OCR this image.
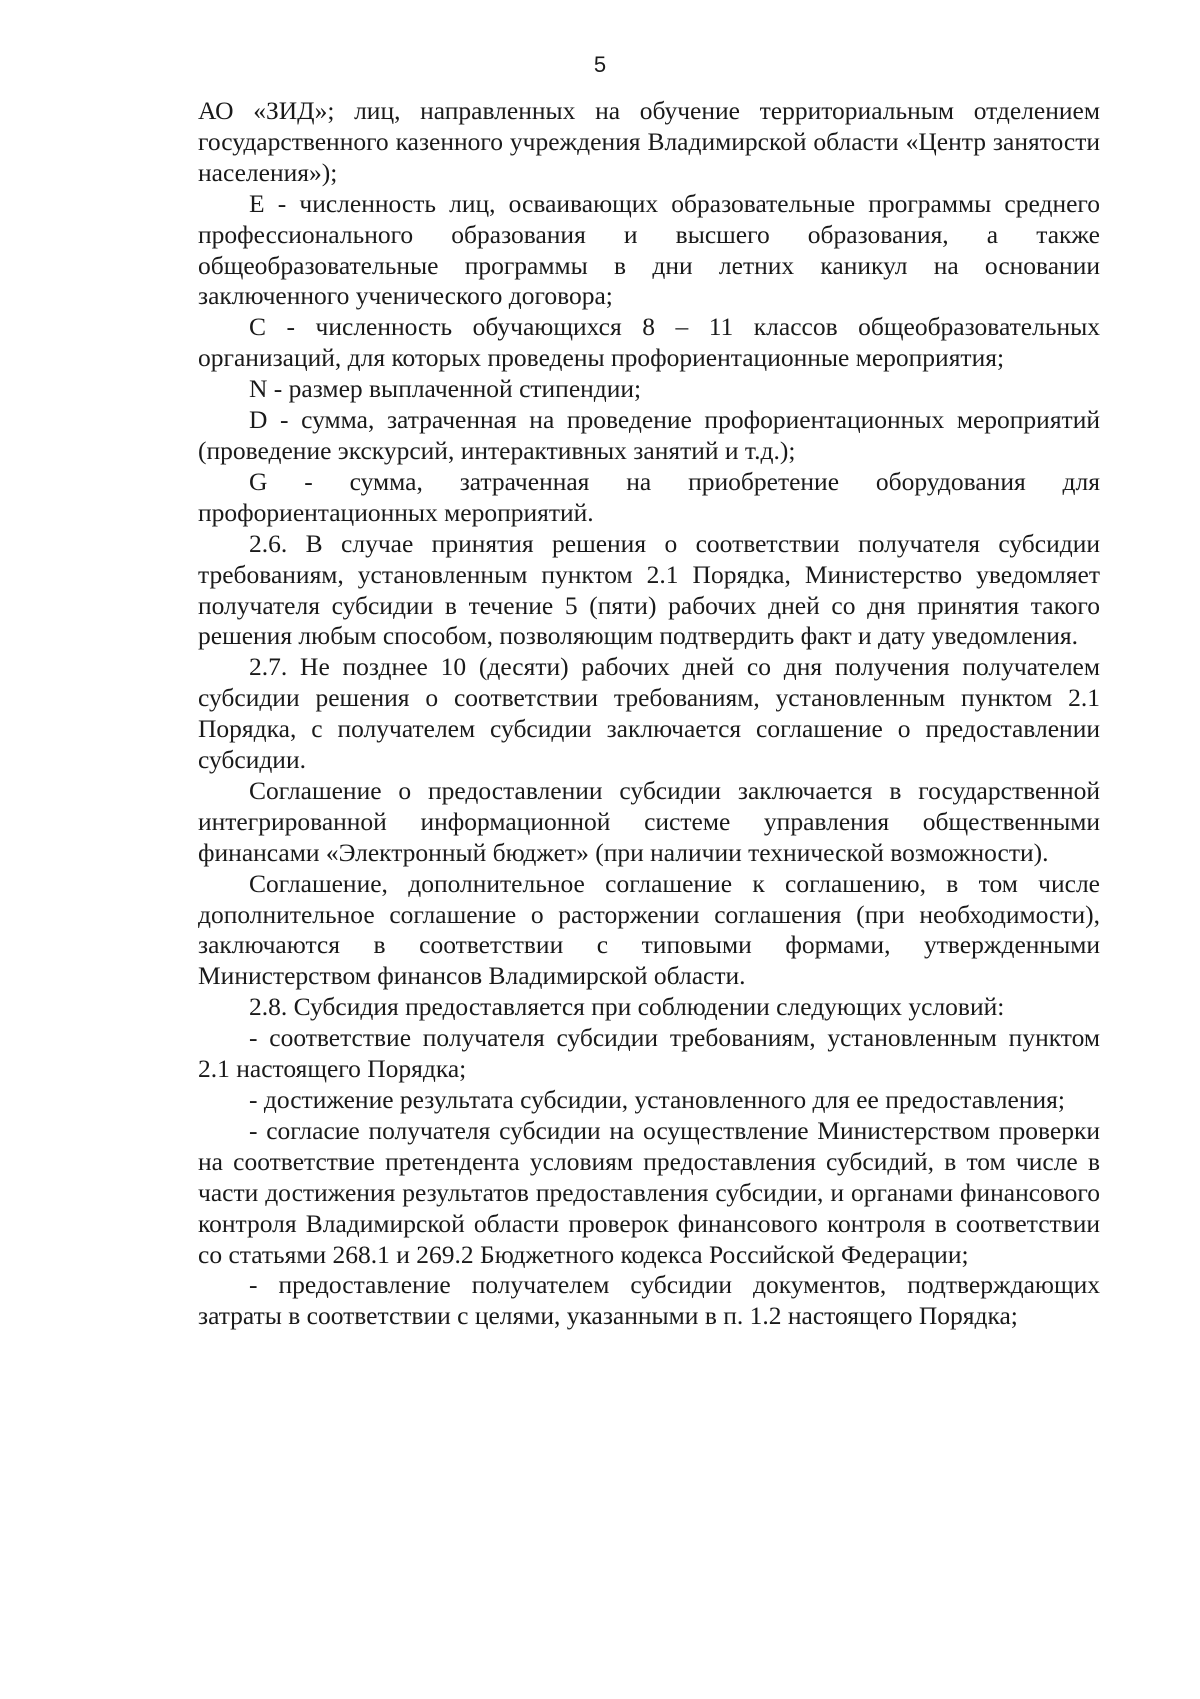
5

АО «ЗИД»; лиц, направленных на обучение территориальным отделением государственного казенного учреждения Владимирской области «Центр занятости населения»);

Е - численность лиц, осваивающих образовательные программы среднего профессионального образования и высшего образования, а также общеобразовательные программы в дни летних каникул на основании заключенного ученического договора;

С - численность обучающихся 8 – 11 классов общеобразовательных организаций, для которых проведены профориентационные мероприятия;

N - размер выплаченной стипендии;

D - сумма, затраченная на проведение профориентационных мероприятий (проведение экскурсий, интерактивных занятий и т.д.);

G - сумма, затраченная на приобретение оборудования для профориентационных мероприятий.

2.6. В случае принятия решения о соответствии получателя субсидии требованиям, установленным пунктом 2.1 Порядка, Министерство уведомляет получателя субсидии в течение 5 (пяти) рабочих дней со дня принятия такого решения любым способом, позволяющим подтвердить факт и дату уведомления.

2.7. Не позднее 10 (десяти) рабочих дней со дня получения получателем субсидии решения о соответствии требованиям, установленным пунктом 2.1 Порядка, с получателем субсидии заключается соглашение о предоставлении субсидии.

Соглашение о предоставлении субсидии заключается в государственной интегрированной информационной системе управления общественными финансами «Электронный бюджет» (при наличии технической возможности).

Соглашение, дополнительное соглашение к соглашению, в том числе дополнительное соглашение о расторжении соглашения (при необходимости), заключаются в соответствии с типовыми формами, утвержденными Министерством финансов Владимирской области.

2.8. Субсидия предоставляется при соблюдении следующих условий:

- соответствие получателя субсидии требованиям, установленным пунктом 2.1 настоящего Порядка;

- достижение результата субсидии, установленного для ее предоставления;

- согласие получателя субсидии на осуществление Министерством проверки на соответствие претендента условиям предоставления субсидий, в том числе в части достижения результатов предоставления субсидии, и органами финансового контроля Владимирской области проверок финансового контроля в соответствии со статьями 268.1 и 269.2 Бюджетного кодекса Российской Федерации;

- предоставление получателем субсидии документов, подтверждающих затраты в соответствии с целями, указанными в п. 1.2 настоящего Порядка;
